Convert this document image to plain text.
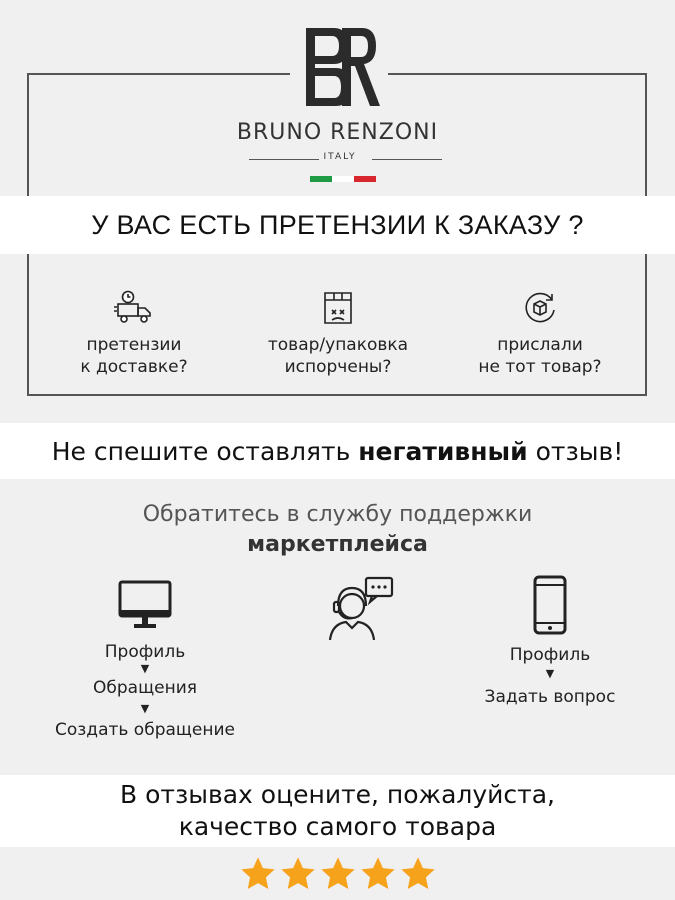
BRUNO RENZONI
ITALY
У ВАС ЕСТЬ ПРЕТЕНЗИИ К ЗАКАЗУ ?
претензии
к доставке?
товар/упаковка
испорчены?
прислали
не тот товар?
Не спешите оставлять негативный отзыв!
Обратитесь в службу поддержки
маркетплейса
Профиль
▼
Обращения
▼
Создать обращение
Профиль
▼
Задать вопрос
В отзывах оцените, пожалуйста,
качество самого товара
